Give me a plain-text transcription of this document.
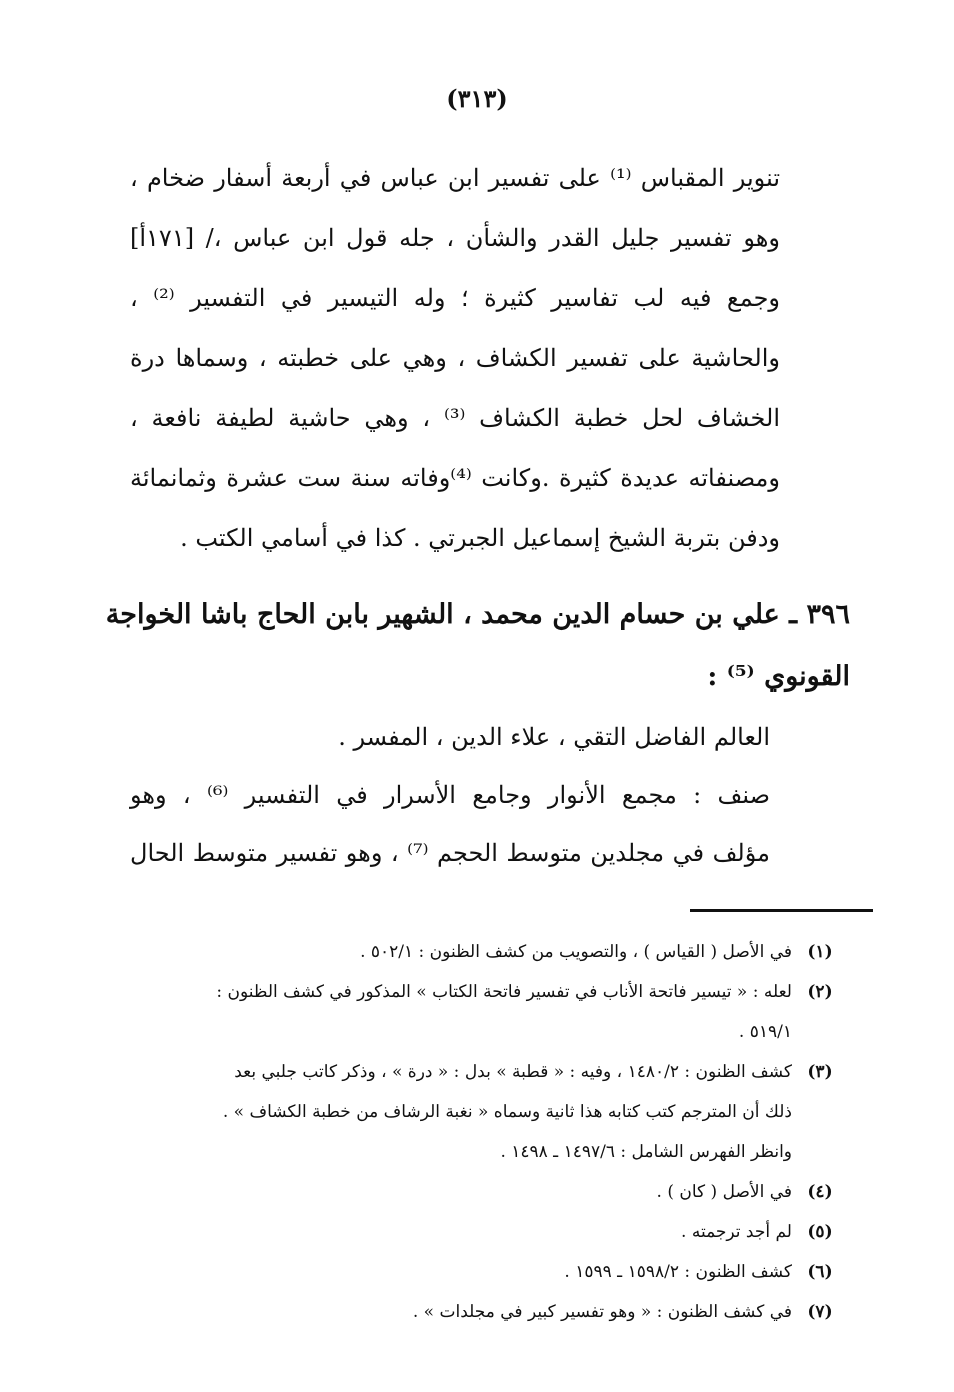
(٣١٣)
تنوير المقباس ⁽¹⁾ على تفسير ابن عباس في أربعة أسفار ضخام ،
وهو تفسير جليل القدر والشأن ، جله قول ابن عباس ،/ [١٧١أ]
وجمع فيه لب تفاسير كثيرة ؛ وله التيسير في التفسير ⁽²⁾ ،
والحاشية على تفسير الكشاف ، وهي على خطبته ، وسماها درة
الخشاف لحل خطبة الكشاف ⁽³⁾ ، وهي حاشية لطيفة نافعة ،
ومصنفاته عديدة كثيرة .وكانت ⁽⁴⁾وفاته سنة ست عشرة وثمانمائة
ودفن بتربة الشيخ إسماعيل الجبرتي . كذا في أسامي الكتب .
٣٩٦ ـ علي بن حسام الدين محمد ، الشهير بابن الحاج باشا الخواجة
القونوي ⁽⁵⁾ :
العالم الفاضل التقي ، علاء الدين ، المفسر .
صنف : مجمع الأنوار وجامع الأسرار في التفسير ⁽⁶⁾ ، وهو
مؤلف في مجلدين متوسط الحجم ⁽⁷⁾ ، وهو تفسير متوسط الحال
(١)
في الأصل ( القياس ) ، والتصويب من كشف الظنون : ٥٠٢/١ .
(٢)
لعله : « تيسير فاتحة الأناب في تفسير فاتحة الكتاب » المذكور في كشف الظنون :
٥١٩/١ .
(٣)
كشف الظنون : ١٤٨٠/٢ ، وفيه : « قطبة » بدل : « درة » ، وذكر كاتب جلبي بعد
ذلك أن المترجم كتب كتابه هذا ثانية وسماه « نغبة الرشاف من خطبة الكشاف » .
وانظر الفهرس الشامل : ١٤٩٧/٦ ـ ١٤٩٨ .
(٤)
في الأصل ( كان ) .
(٥)
لم أجد ترجمته .
(٦)
كشف الظنون : ١٥٩٨/٢ ـ ١٥٩٩ .
(٧)
في كشف الظنون : « وهو تفسير كبير في مجلدات » .
